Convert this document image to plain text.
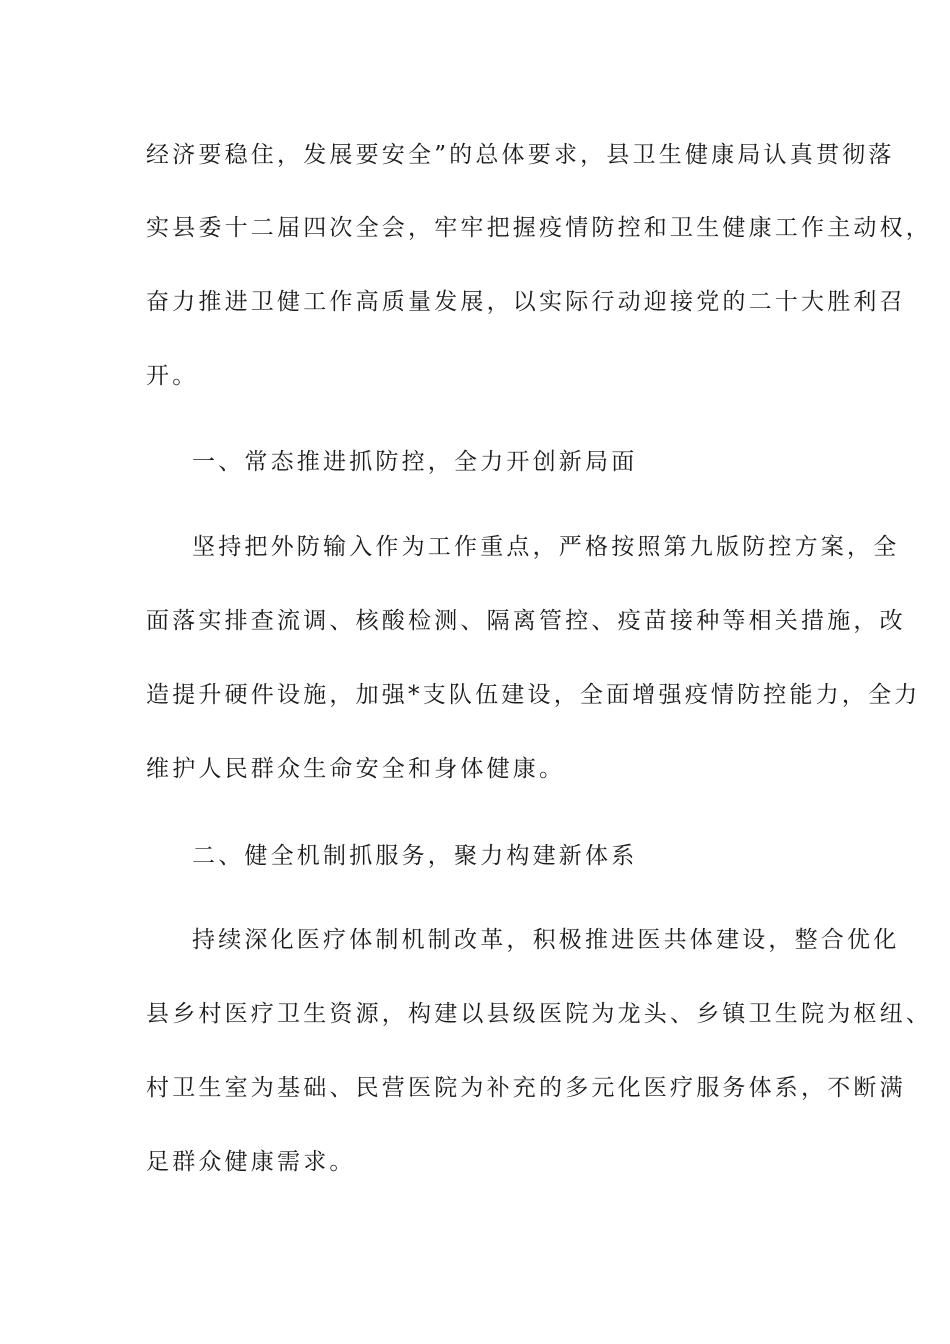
经济要稳住，发展要安全”的总体要求，县卫生健康局认真贯彻落
实县委十二届四次全会，牢牢把握疫情防控和卫生健康工作主动权，
奋力推进卫健工作高质量发展，以实际行动迎接党的二十大胜利召
开。
一、常态推进抓防控，全力开创新局面
坚持把外防输入作为工作重点，严格按照第九版防控方案，全
面落实排查流调、核酸检测、隔离管控、疫苗接种等相关措施，改
造提升硬件设施，加强*支队伍建设，全面增强疫情防控能力，全力
维护人民群众生命安全和身体健康。
二、健全机制抓服务，聚力构建新体系
持续深化医疗体制机制改革，积极推进医共体建设，整合优化
县乡村医疗卫生资源，构建以县级医院为龙头、乡镇卫生院为枢纽、
村卫生室为基础、民营医院为补充的多元化医疗服务体系，不断满
足群众健康需求。
